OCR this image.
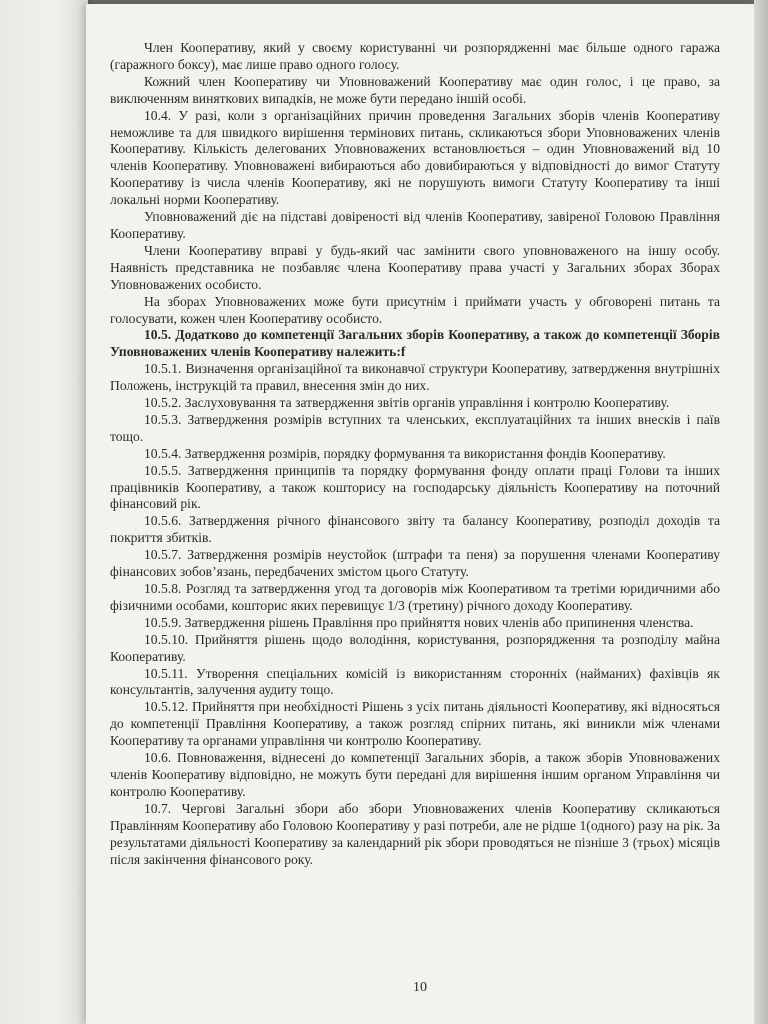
Член Кооперативу, який у своєму користуванні чи розпорядженні має більше одного гаража (гаражного боксу), має лише право одного голосу.

Кожний член Кооперативу чи Уповноважений Кооперативу має один голос, і це право, за виключенням виняткових випадків, не може бути передано іншій особі.

10.4. У разі, коли з організаційних причин проведення Загальних зборів членів Кооперативу неможливе та для швидкого вирішення термінових питань, скликаються збори Уповноважених членів Кооперативу. Кількість делегованих Уповноважених встановлюється – один Уповноважений від 10 членів Кооперативу. Уповноважені вибираються або довибираються у відповідності до вимог Статуту Кооперативу із числа членів Кооперативу, які не порушують вимоги Статуту Кооперативу та інші локальні норми Кооперативу.

Уповноважений діє на підставі довіреності від членів Кооперативу, завіреної Головою Правління Кооперативу.

Члени Кооперативу вправі у будь-який час замінити свого уповноваженого на іншу особу. Наявність представника не позбавляє члена Кооперативу права участі у Загальних зборах Зборах Уповноважених особисто.

На зборах Уповноважених може бути присутнім і приймати участь у обговорені питань та голосувати, кожен член Кооперативу особисто.

10.5. Додатково до компетенції Загальних зборів Кооперативу, а також до компетенції Зборів Уповноважених членів Кооперативу належить:f

10.5.1. Визначення організаційної та виконавчої структури Кооперативу, затвердження внутрішніх Положень, інструкцій та правил, внесення змін до них.

10.5.2. Заслуховування та затвердження звітів органів управління і контролю Кооперативу.

10.5.3. Затвердження розмірів вступних та членських, експлуатаційних та інших внесків і паїв тощо.

10.5.4. Затвердження розмірів, порядку формування та використання фондів Кооперативу.

10.5.5. Затвердження принципів та порядку формування фонду оплати праці Голови та інших працівників Кооперативу, а також кошторису на господарську діяльність Кооперативу на поточний фінансовий рік.

10.5.6. Затвердження річного фінансового звіту та балансу Кооперативу, розподіл доходів та покриття збитків.

10.5.7. Затвердження розмірів неустойок (штрафи та пеня) за порушення членами Кооперативу фінансових зобов’язань, передбачених змістом цього Статуту.

10.5.8. Розгляд та затвердження угод та договорів між Кооперативом та третіми юридичними або фізичними особами, кошторис яких перевищує 1/3 (третину) річного доходу Кооперативу.

10.5.9. Затвердження рішень Правління про прийняття нових членів або припинення членства.

10.5.10. Прийняття рішень щодо володіння, користування, розпорядження та розподілу майна Кооперативу.

10.5.11. Утворення спеціальних комісій із використанням сторонніх (найманих) фахівців як консультантів, залучення аудиту тощо.

10.5.12. Прийняття при необхідності Рішень з усіх питань діяльності Кооперативу, які відносяться до компетенції Правління Кооперативу, а також розгляд спірних питань, які виникли між членами Кооперативу та органами управління чи контролю Кооперативу.

10.6. Повноваження, віднесені до компетенції Загальних зборів, а також зборів Уповноважених членів Кооперативу відповідно, не можуть бути передані для вирішення іншим органом Управління чи контролю Кооперативу.

10.7. Чергові Загальні збори або збори Уповноважених членів Кооперативу скликаються Правлінням Кооперативу або Головою Кооперативу у разі потреби, але не рідше 1(одного) разу на рік. За результатами діяльності Кооперативу за календарний рік збори проводяться не пізніше 3 (трьох) місяців після закінчення фінансового року.

10
